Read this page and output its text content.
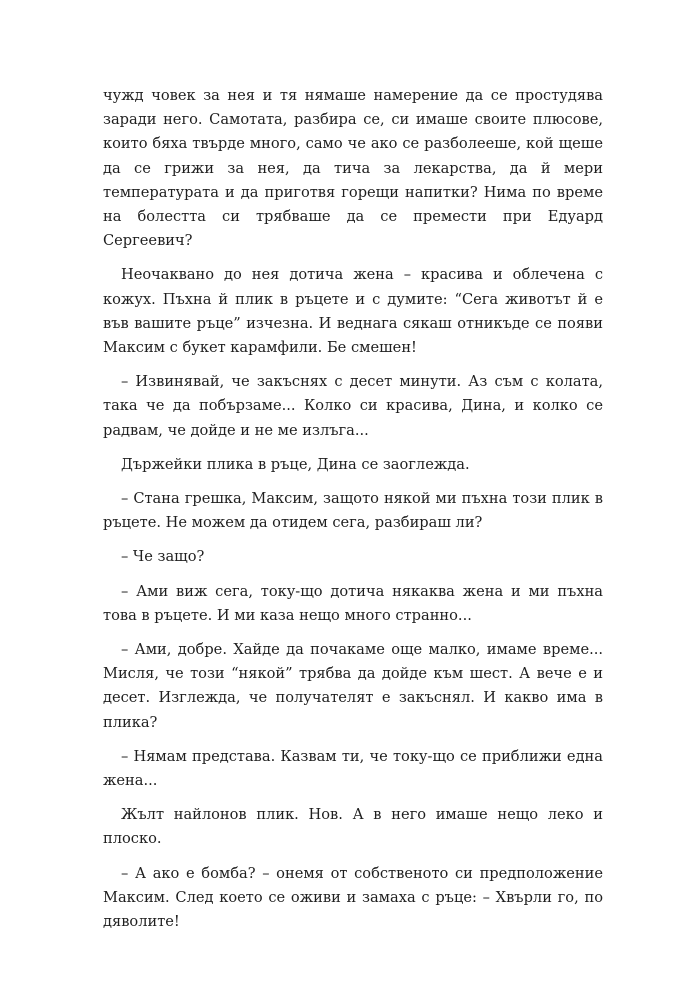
чужд човек за нея и тя нямаше намерение да се простудява заради него. Самотата, разбира се, си имаше своите плюсове, които бяха твърде много, само че ако се разболееше, кой щеше да се грижи за нея, да тича за лекарства, да й мери температурата и да приготвя горещи напитки? Нима по време на болестта си трябваше да се премести при Едуард Сергеевич?

Неочаквано до нея дотича жена – красива и облечена с кожух. Пъхна й плик в ръцете и с думите: “Сега животът й е във вашите ръце” изчезна. И веднага сякаш отникъде се появи Максим с букет карамфили. Бе смешен!

– Извинявай, че закъснях с десет минути. Аз съм с колата, така че да побързаме... Колко си красива, Дина, и колко се радвам, че дойде и не ме излъга...

Държейки плика в ръце, Дина се заоглежда.

– Стана грешка, Максим, защото някой ми пъхна този плик в ръцете. Не можем да отидем сега, разбираш ли?

– Че защо?

– Ами виж сега, току-що дотича някаква жена и ми пъхна това в ръцете. И ми каза нещо много странно...

– Ами, добре. Хайде да почакаме още малко, имаме време... Мисля, че този “някой” трябва да дойде към шест. А вече е и десет. Изглежда, че получателят е закъснял. И какво има в плика?

– Нямам представа. Казвам ти, че току-що се приближи една жена...

Жълт найлонов плик. Нов. А в него имаше нещо леко и плоско.

– А ако е бомба? – онемя от собственото си предположение Максим. След което се оживи и замаха с ръце: – Хвърли го, по дяволите!
